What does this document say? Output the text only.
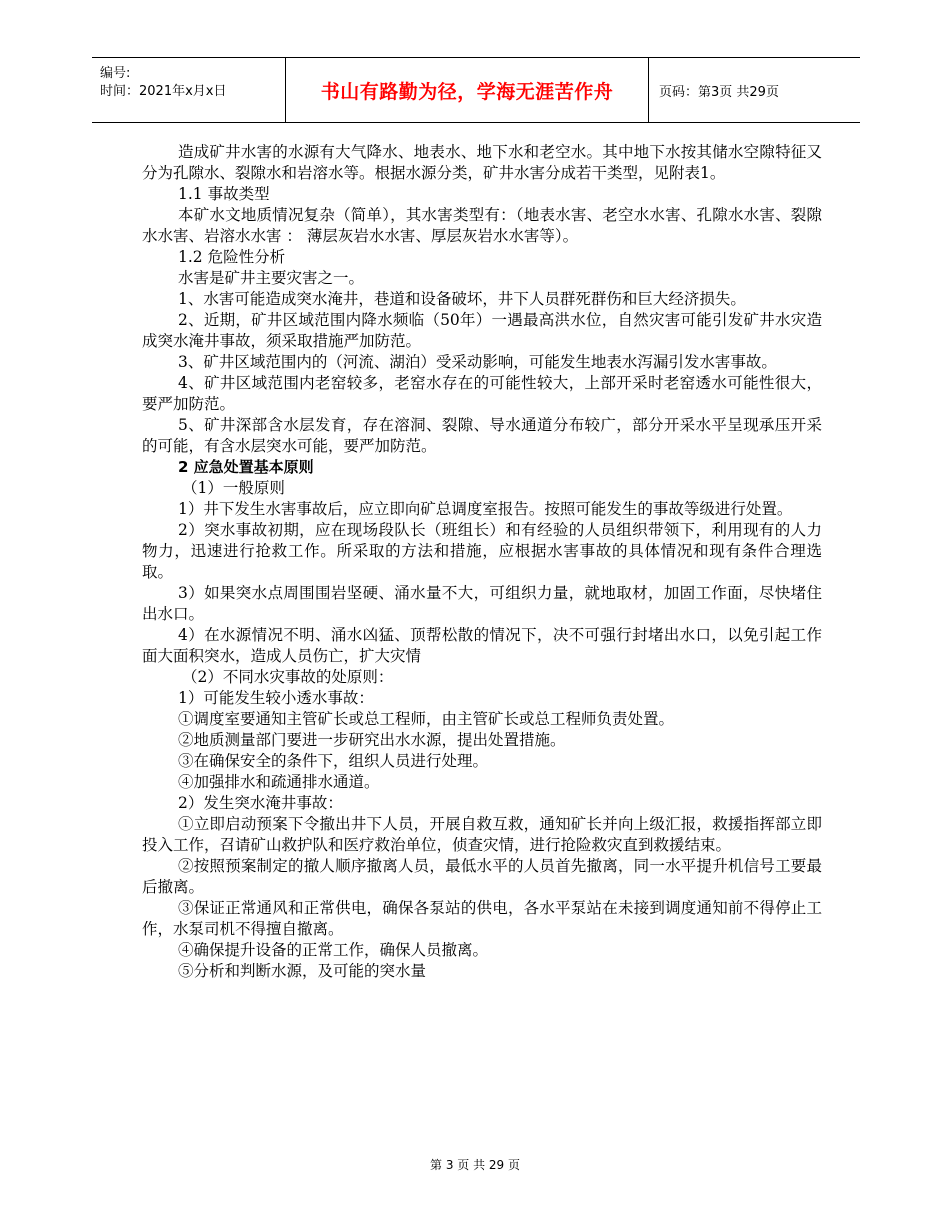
编号:
时间：2021年x月x日	书山有路勤为径，学海无涯苦作舟	页码：第3页 共29页

造成矿井水害的水源有大气降水、地表水、地下水和老空水。其中地下水按其储水空隙特征又分为孔隙水、裂隙水和岩溶水等。根据水源分类，矿井水害分成若干类型，见附表1。

1.1 事故类型

本矿水文地质情况复杂（简单），其水害类型有：（地表水害、老空水水害、孔隙水水害、裂隙水水害、岩溶水水害 ： 薄层灰岩水水害、厚层灰岩水水害等）。

1.2 危险性分析

水害是矿井主要灾害之一。

1、水害可能造成突水淹井，巷道和设备破坏，井下人员群死群伤和巨大经济损失。

2、近期，矿井区域范围内降水频临（50年）一遇最高洪水位，自然灾害可能引发矿井水灾造成突水淹井事故，须采取措施严加防范。

3、矿井区域范围内的（河流、湖泊）受采动影响，可能发生地表水泻漏引发水害事故。

4、矿井区域范围内老窑较多，老窑水存在的可能性较大，上部开采时老窑透水可能性很大，要严加防范。

5、矿井深部含水层发育，存在溶洞、裂隙、导水通道分布较广，部分开采水平呈现承压开采的可能，有含水层突水可能，要严加防范。

2 应急处置基本原则

（1）一般原则

1）井下发生水害事故后，应立即向矿总调度室报告。按照可能发生的事故等级进行处置。

2）突水事故初期，应在现场段队长（班组长）和有经验的人员组织带领下，利用现有的人力物力，迅速进行抢救工作。所采取的方法和措施，应根据水害事故的具体情况和现有条件合理选取。

3）如果突水点周围围岩坚硬、涌水量不大，可组织力量，就地取材，加固工作面，尽快堵住出水口。

4）在水源情况不明、涌水凶猛、顶帮松散的情况下，决不可强行封堵出水口，以免引起工作面大面积突水，造成人员伤亡，扩大灾情

（2）不同水灾事故的处原则：

1）可能发生较小透水事故：

①调度室要通知主管矿长或总工程师，由主管矿长或总工程师负责处置。

②地质测量部门要进一步研究出水水源，提出处置措施。

③在确保安全的条件下，组织人员进行处理。

④加强排水和疏通排水通道。

2）发生突水淹井事故：

①立即启动预案下令撤出井下人员，开展自救互救，通知矿长并向上级汇报，救援指挥部立即投入工作，召请矿山救护队和医疗救治单位，侦查灾情，进行抢险救灾直到救援结束。

②按照预案制定的撤人顺序撤离人员，最低水平的人员首先撤离，同一水平提升机信号工要最后撤离。

③保证正常通风和正常供电，确保各泵站的供电，各水平泵站在未接到调度通知前不得停止工作，水泵司机不得擅自撤离。

④确保提升设备的正常工作，确保人员撤离。

⑤分析和判断水源，及可能的突水量

第 3 页 共 29 页
